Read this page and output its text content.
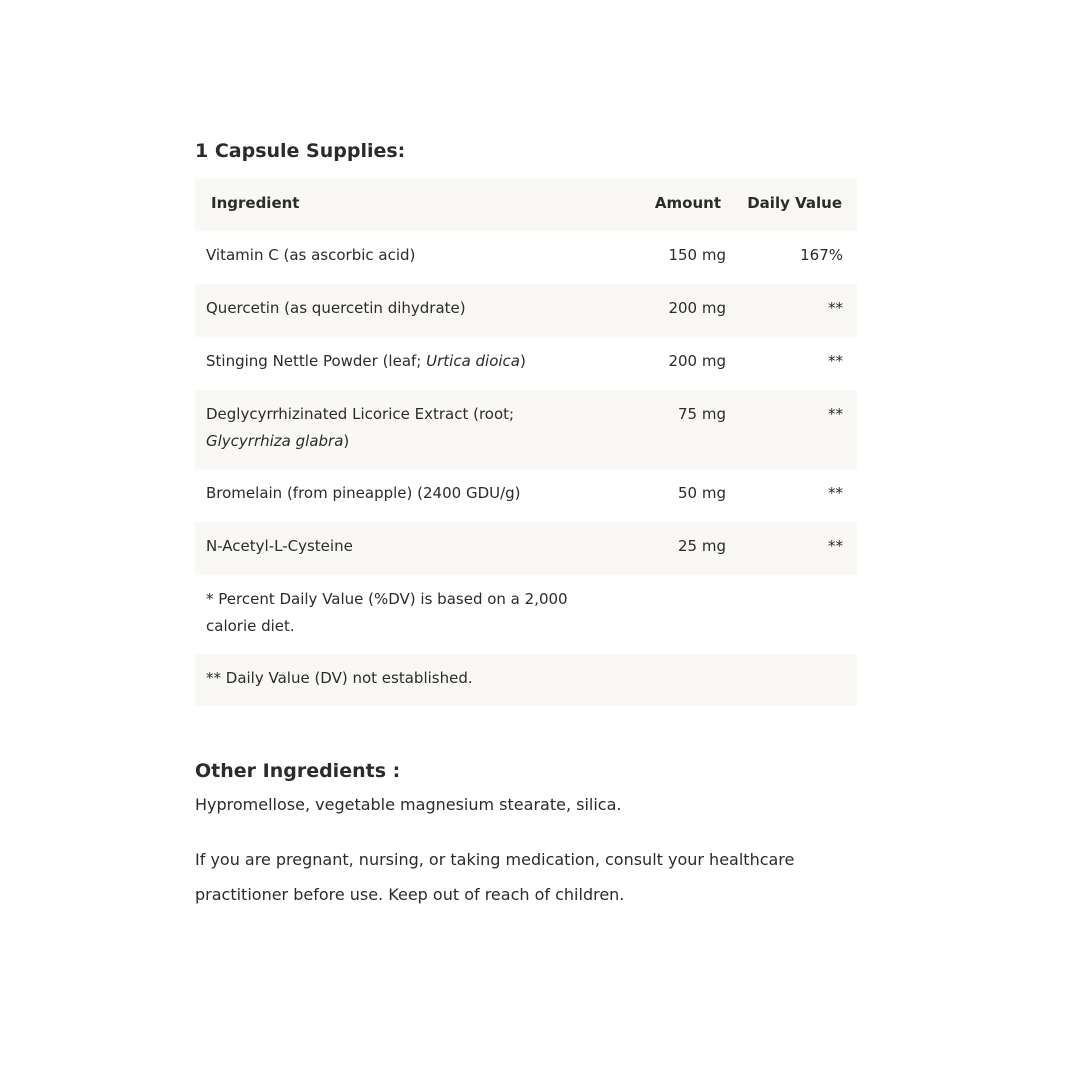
1 Capsule Supplies:
Ingredient	Amount Daily Value
Vitamin C (as ascorbic acid)	150 mg	167%
Quercetin (as quercetin dihydrate)	200 mg	**
Stinging Nettle Powder (leaf; Urtica dioica)	200 mg	**
Deglycyrrhizinated Licorice Extract (root;
Glycyrrhiza glabra)
75 mg	**
Bromelain (from pineapple) (2400 GDU/g)	50 mg	**
N-Acetyl-L-Cysteine	25 mg	**
* Percent Daily Value (%DV) is based on a 2,000 calorie diet.
** Daily Value (DV) not established.
Other Ingredients :
Hypromellose, vegetable magnesium stearate, silica.
If you are pregnant, nursing, or taking medication, consult your healthcare practitioner before use. Keep out of reach of children.
